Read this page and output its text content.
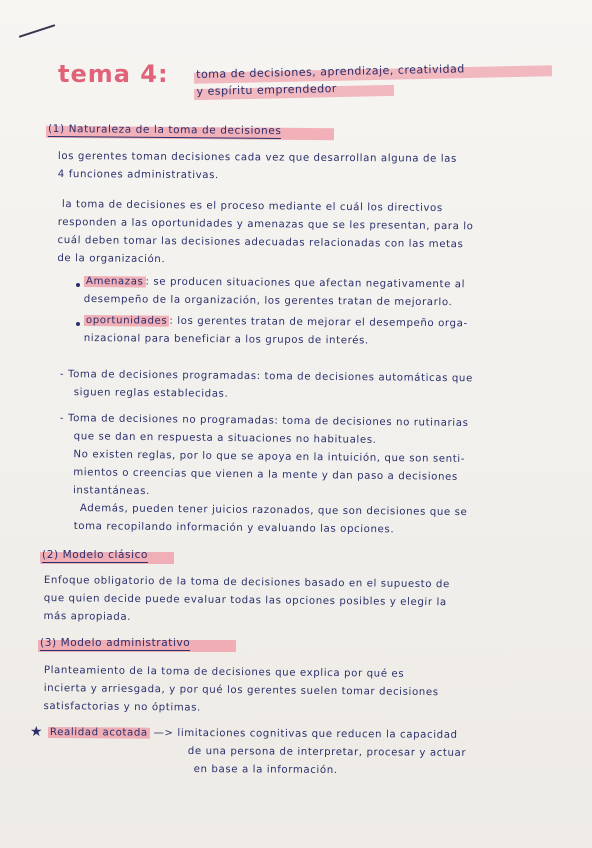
tema 4: toma de decisiones, aprendizaje, creatividad
y espíritu emprendedor
(1) Naturaleza de la toma de decisiones
los gerentes toman decisiones cada vez que desarrollan alguna de las
4 funciones administrativas.
la toma de decisiones es el proceso mediante el cuál los directivos
responden a las oportunidades y amenazas que se les presentan, para lo
cuál deben tomar las decisiones adecuadas relacionadas con las metas
de la organización.
Amenazas : se producen situaciones que afectan negativamente al
desempeño de la organización, los gerentes tratan de mejorarlo.
oportunidades : los gerentes tratan de mejorar el desempeño orga-
nizacional para beneficiar a los grupos de interés.
- Toma de decisiones programadas: toma de decisiones automáticas que
siguen reglas establecidas.
- Toma de decisiones no programadas: toma de decisiones no rutinarias
que se dan en respuesta a situaciones no habituales.
No existen reglas, por lo que se apoya en la intuición, que son senti-
mientos o creencias que vienen a la mente y dan paso a decisiones
instantáneas.
Además, pueden tener juicios razonados, que son decisiones que se
toma recopilando información y evaluando las opciones.
(2) Modelo clásico
Enfoque obligatorio de la toma de decisiones basado en el supuesto de
que quien decide puede evaluar todas las opciones posibles y elegir la
más apropiada.
(3) Modelo administrativo
Planteamiento de la toma de decisiones que explica por qué es
incierta y arriesgada, y por qué los gerentes suelen tomar decisiones
satisfactorias y no óptimas.
★ Realidad acotada —> limitaciones cognitivas que reducen la capacidad
de una persona de interpretar, procesar y actuar
en base a la información.
